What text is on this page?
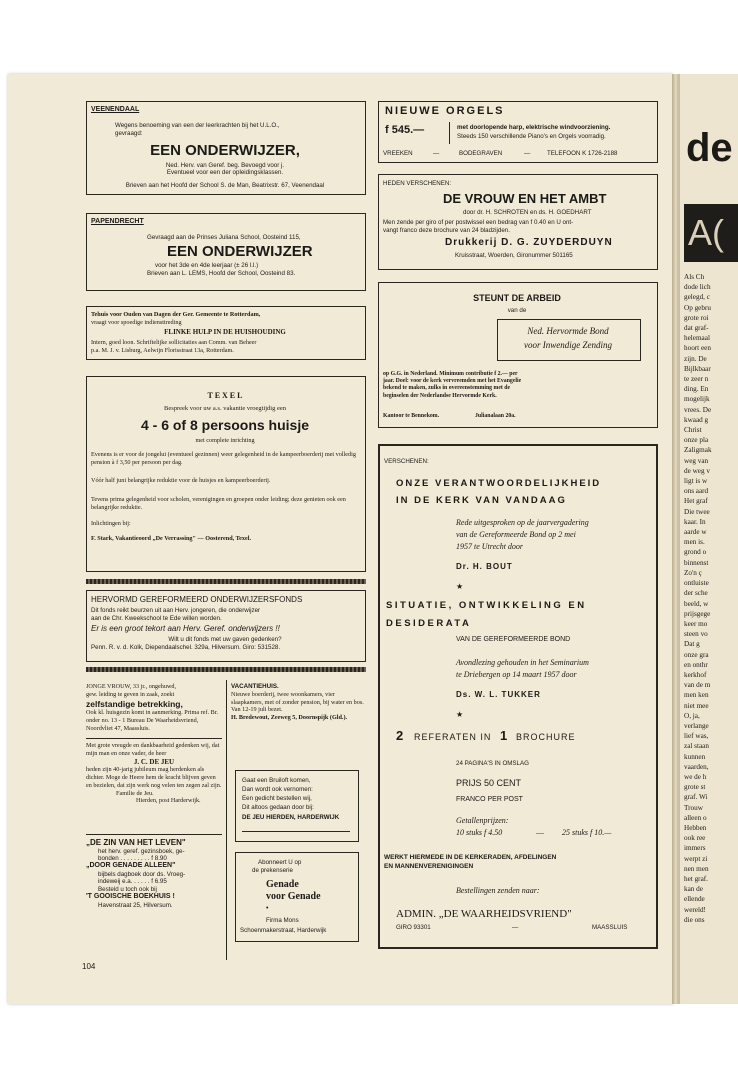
VEENENDAAL
Wegens benoeming van een der leerkrachten bij het U.L.O.,
gevraagd:
EEN ONDERWIJZER,
Ned. Herv. van Geref. beg. Bevoegd voor j.
Eventueel voor een der opleidingsklassen.
Brieven aan het Hoofd der School S. de Man, Beatrixstr. 67, Veenendaal
PAPENDRECHT
Gevraagd aan de Prinses Juliana School, Oosteind 115,
EEN ONDERWIJZER
voor het 3de en 4de leerjaar (± 26 l.l.)
Brieven aan L. LEMS, Hoofd der School, Oosteind 83.
Tehuis voor Ouden van Dagen der Ger. Gemeente te Rotterdam,
vraagt voor spoedige indiensttreding
FLINKE HULP IN DE HUISHOUDING
Intern, goed loon. Schriftelijke sollicitaties aan Comm. van Beheer
p.a. M. J. v. Lisburg, Aelwijn Florisstraat 13a, Rotterdam.
T E X E L
Bespreek voor uw a.s. vakantie vroegtijdig een
4 - 6 of 8 persoons huisje
met complete inrichting
Evenens is er voor de jongelui (eventueel gezinnen) weer gelegenheid in de kampeerboerderij met volledig pension à f 3,50 per persoon per dag.
Vóór half juni belangrijke reduktie voor de huisjes en kampeerboerderij.
Tevens prima gelegenheid voor scholen, verenigingen en groepen onder leiding; deze genieten ook een belangrijke reduktie.
Inlichtingen bij:
F. Stark, Vakantieoord „De Verrassing" — Oosterend, Texel.
HERVORMD GEREFORMEERD ONDERWIJZERSFONDS
Dit fonds reikt beurzen uit aan Herv. jongeren, die onderwijzer
aan de Chr. Kweekschool te Ede willen worden.
Er is een groot tekort aan Herv. Geref. onderwijzers !!
Wilt u dit fonds met uw gaven gedenken?
Penn. R. v. d. Kolk, Diependaalschel. 329a, Hilversum. Giro: 531528.
JONGE VROUW, 33 jr., ongehuwd,
gew. leiding te geven in zaak, zoekt
zelfstandige betrekking,
Ook kl. huisgezin komt in aanmerking. Prima ref. Br. onder no. 13 - 1 Bureau De Waarheidsvriend, Noordvliet 47, Maassluis.
Met grote vreugde en dankbaarheid gedenken wij, dat mijn man en onze vader, de heer
J. C. DE JEU
heden zijn 40-jarig jubileum mag herdenken als dichter. Moge de Heere hem de kracht blijven geven en bezielen, dat zijn werk nog velen ten zegen zal zijn.
Familie de Jeu.
Hierden, post Harderwijk.
„DE ZIN VAN HET LEVEN"
het herv. geref. gezinsboek, ge-
bonden . . . . . . . . . f 8.90
„DOOR GENADE ALLEEN"
bijbels dagboek door ds. Vroeg-
indeweij e.a. . . . . . f 6.95
Besteld u toch ook bij
'T GOOISCHE BOEKHUIS !
Havenstraat 25, Hilversum.
VACANTIEHUIS.
Nieuwe boerderij, twee woonkamers, vier slaapkamers, met of zonder pension, bij water en bos. Van 12-19 juli bezet.
H. Bredewout, Zeeweg 5, Doornspijk (Gld.).
Gaat een Bruiloft komen,
Dan wordt ook vernomen:
Een gedicht bestellen wij,
Dit altoos gedaan door bij:
DE JEU HIERDEN, HARDERWIJK
Abonneert U op
de prekenserie
Genade
voor Genade
•
Firma Mons
Schoenmakerstraat, Harderwijk
104
NIEUWE ORGELS
f 545.—	met doorlopende harp, elektrische windvoorziening.
Steeds 150 verschillende Piano's en Orgels voorradig.
VREEKEN	—	BODEGRAVEN	—	TELEFOON K 1726-2188
HEDEN VERSCHENEN:
DE VROUW EN HET AMBT
door dr. H. SCHROTEN en ds. H. GOEDHART
Men zende per giro of per postwissel een bedrag van f 0.40 en U ont-
vangt franco deze brochure van 24 bladzijden.
Drukkerij D. G. ZUYDERDUYN
Kruisstraat, Woerden, Gironummer 501165
STEUNT DE ARBEID
van de
Ned. Hervormde Bond
voor Inwendige Zending
op G.G. in Nederland. Minimum contributie f 2.— per jaar. Doel: voor de kerk vervreemden met het Evangelie bekend te maken, zulks in overeenstemming met de beginselen der Nederlandse Hervormde Kerk.
Kantoor te Bennekom.	Julianalaan 20a.
VERSCHENEN:
ONZE VERANTWOORDELIJKHEID
IN DE KERK VAN VANDAAG
Rede uitgesproken op de jaarvergadering
van de Gereformeerde Bond op 2 mei
1957 te Utrecht door
Dr. H. BOUT
★
SITUATIE, ONTWIKKELING EN
DESIDERATA
VAN DE GEREFORMEERDE BOND
Avondlezing gehouden in het Seminarium
te Driebergen op 14 maart 1957 door
Ds. W. L. TUKKER
★
2 REFERATEN IN 1 BROCHURE
24 PAGINA'S IN OMSLAG
PRIJS 50 CENT
FRANCO PER POST
Getallenprijzen:
10 stuks f 4.50	— 25 stuks f 10.—
WERKT HIERMEDE IN DE KERKERADEN, AFDELINGEN
EN MANNENVERENIGINGEN
Bestellingen zenden naar:
ADMIN. „DE WAARHEIDSVRIEND"
GIRO 93301	—	MAASSLUIS
de
A(
Als Ch
dode lich
gelegd, c
Op gebru
grote roi
dat graf-
helemaal
hoort een
zijn. De
Bijlkbaar
te zeer n
ding. En
mogelijk
vrees. De
kwaad g
Christ
onze pla
Zaligmak
weg van
de weg v
ligt is w
ons aard
Het graf
Die twee
kaar. In
aarde w
men is.
grond o
binnenst
Zo'n ç
ontluiste
der sche
beeld, w
prijsgege
keer mo
steen vo
Dat g
onze gra
en onthr
kerkhof
van de m
men ken
niet mee
O, ja,
verlange
lief was,
zal staan
kunnen
vaarden,
we de h
grote st
graf. Wi
Trouw
alleen o
Hebben
ook ree
immers
werpt zi
nen men
het graf.
kan de
ellende
wereld!
die ons
